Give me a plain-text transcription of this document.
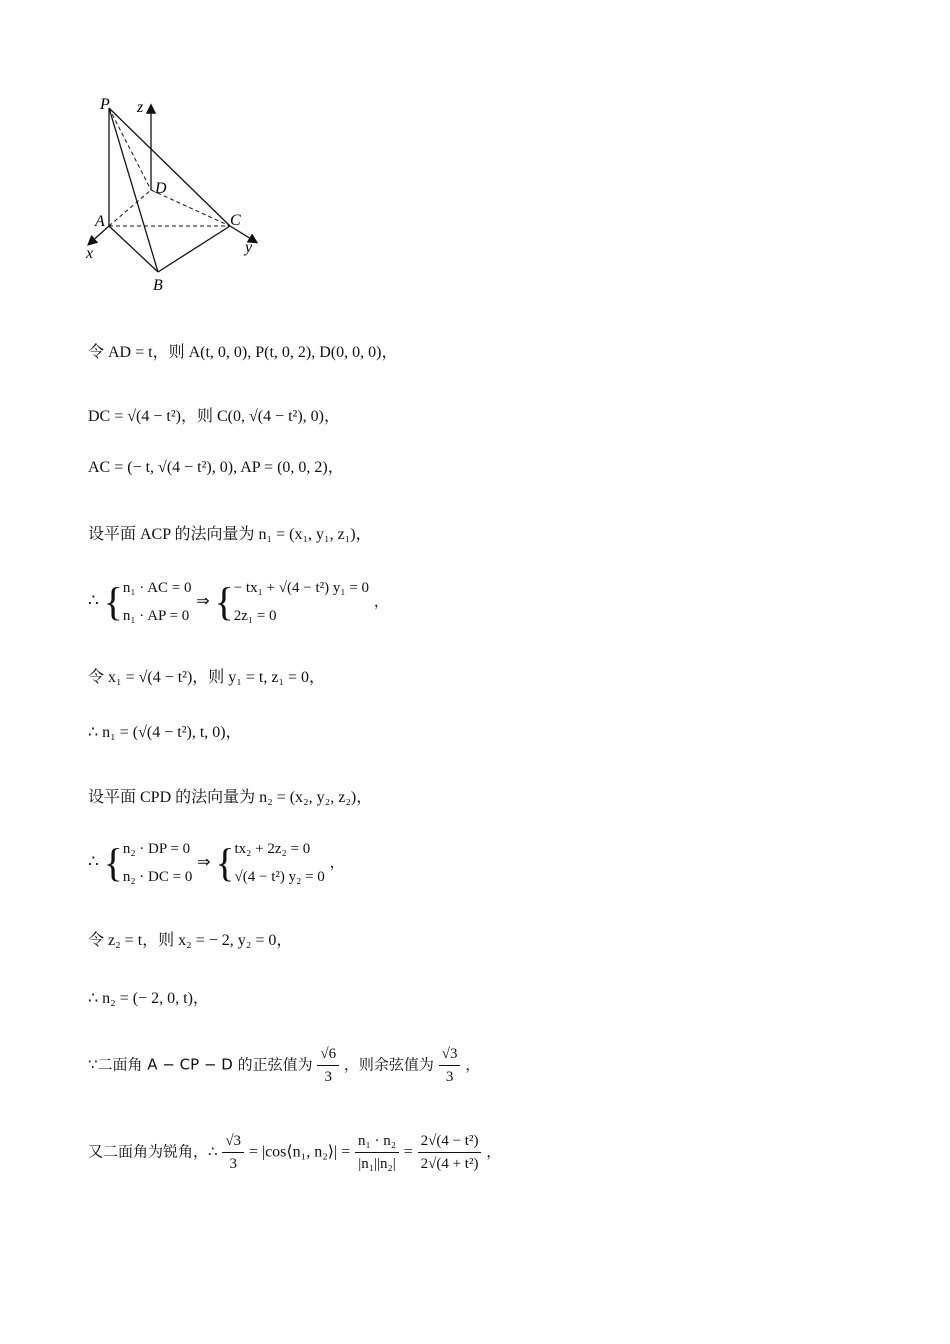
P z
D
A	C
x	y
B
令 AD = t，则 A(t, 0, 0), P(t, 0, 2), D(0, 0, 0)，
DC = √(4 − t²)，则 C(0, √(4 − t²), 0)，
AC = (− t, √(4 − t²), 0), AP = (0, 0, 2)，
设平面 ACP 的法向量为 n₁ = (x₁, y₁, z₁)，
∴ { n₁ · AC = 0
n₁ · AP = 0
⇒ { − tx₁ + √(4 − t²) y₁ = 0
2z₁ = 0
，
令 x₁ = √(4 − t²)，则 y₁ = t, z₁ = 0，
∴ n₁ = (√(4 − t²), t, 0)，
设平面 CPD 的法向量为 n₂ = (x₂, y₂, z₂)，
∴ { n₂ · DP = 0
n₂ · DC = 0
⇒ { tx₂ + 2z₂ = 0
√(4 − t²) y₂ = 0
，
令 z₂ = t，则 x₂ = − 2, y₂ = 0，
∴ n₂ = (− 2, 0, t)，
∵二面角 A − CP − D 的正弦值为 $\frac{√6}{3}$ ，则余弦值为 $\frac{√3}{3}$ ，
又二面角为锐角，∴ $\frac{√3}{3}$ = |cos⟨n₁, n₂⟩| = $\frac{\text{n₁ · n₂}}{\text{|n₁||n₂|}} = \frac{\text{2√(4 − t²)}}{\text{2√(4 + t²)}}$ ，
